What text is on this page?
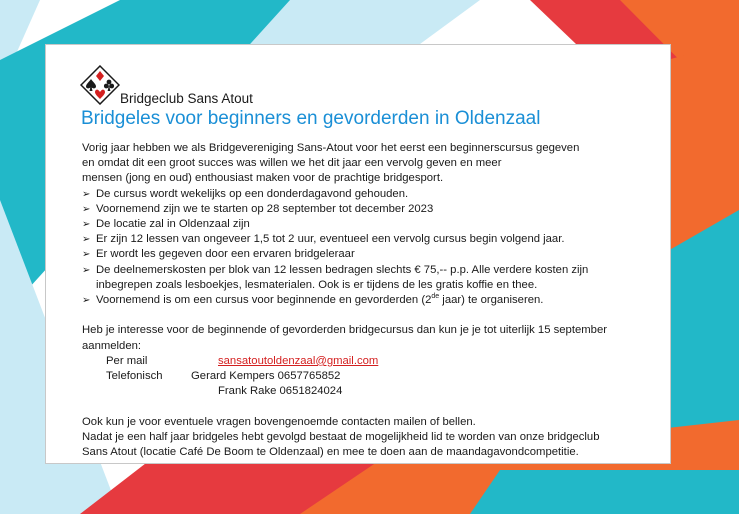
Bridgeclub Sans Atout
Bridgeles voor beginners en gevorderden in Oldenzaal

Vorig jaar hebben we als Bridgevereniging Sans-Atout voor het eerst een beginnerscursus gegeven
en omdat dit een groot succes was willen we het dit jaar een vervolg geven en meer
mensen (jong en oud) enthousiast maken voor de prachtige bridgesport.

➢ De cursus wordt wekelijks op een donderdagavond gehouden.
➢ Voornemend zijn we te starten op 28 september tot december 2023
➢ De locatie zal in Oldenzaal zijn
➢ Er zijn 12 lessen van ongeveer 1,5 tot 2 uur, eventueel een vervolg cursus begin volgend jaar.
➢ Er wordt les gegeven door een ervaren bridgeleraar
➢ De deelnemerskosten per blok van 12 lessen bedragen slechts € 75,-- p.p. Alle verdere kosten zijn
inbegrepen zoals lesboekjes, lesmaterialen. Ook is er tijdens de les gratis koffie en thee.
➢ Voornemend is om een cursus voor beginnende en gevorderden (2de jaar) te organiseren.

Heb je interesse voor de beginnende of gevorderden bridgecursus dan kun je je tot uiterlijk 15 september
aanmelden:

Per mail	sansatoutoldenzaal@gmail.com
Telefonisch	Gerard Kempers 0657765852
Frank Rake 0651824024

Ook kun je voor eventuele vragen bovengenoemde contacten mailen of bellen.
Nadat je een half jaar bridgeles hebt gevolgd bestaat de mogelijkheid lid te worden van onze bridgeclub
Sans Atout (locatie Café De Boom te Oldenzaal) en mee te doen aan de maandagavondcompetitie.
